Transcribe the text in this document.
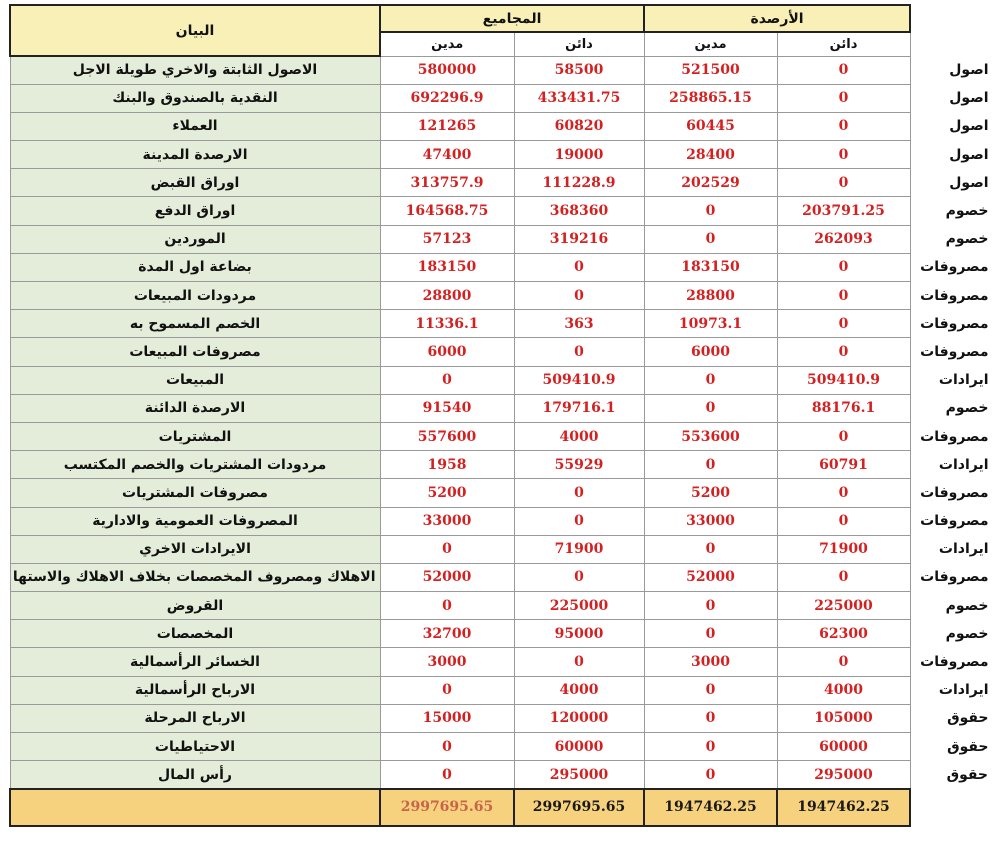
البيان	المجاميع		الأرصدة		
	مدين	دائن	مدين	دائن	
الاصول الثابتة والاخري طويلة الاجل	580000	58500	521500	0	اصول
النقدية بالصندوق والبنك	692296.9	433431.75	258865.15	0	اصول
العملاء	121265	60820	60445	0	اصول
الارصدة المدينة	47400	19000	28400	0	اصول
اوراق القبض	313757.9	111228.9	202529	0	اصول
اوراق الدفع	164568.75	368360	0	203791.25	خصوم
الموردين	57123	319216	0	262093	خصوم
بضاعة اول المدة	183150	0	183150	0	مصروفات
مردودات المبيعات	28800	0	28800	0	مصروفات
الخصم المسموح به	11336.1	363	10973.1	0	مصروفات
مصروفات المبيعات	6000	0	6000	0	مصروفات
المبيعات	0	509410.9	0	509410.9	ايرادات
الارصدة الدائنة	91540	179716.1	0	88176.1	خصوم
المشتريات	557600	4000	553600	0	مصروفات
مردودات المشتريات والخصم المكتسب	1958	55929	0	60791	ايرادات
مصروفات المشتريات	5200	0	5200	0	مصروفات
المصروفات العمومية والادارية	33000	0	33000	0	مصروفات
الايرادات الاخري	0	71900	0	71900	ايرادات
الاهلاك ومصروف المخصصات بخلاف الاهلاك والاستها	52000	0	52000	0	مصروفات
القروض	0	225000	0	225000	خصوم
المخصصات	32700	95000	0	62300	خصوم
الخسائر الرأسمالية	3000	0	3000	0	مصروفات
الارباح الرأسمالية	0	4000	0	4000	ايرادات
الارباح المرحلة	15000	120000	0	105000	حقوق
الاحتياطيات	0	60000	0	60000	حقوق
رأس المال	0	295000	0	295000	حقوق
	2997695.65	2997695.65	1947462.25	1947462.25	
